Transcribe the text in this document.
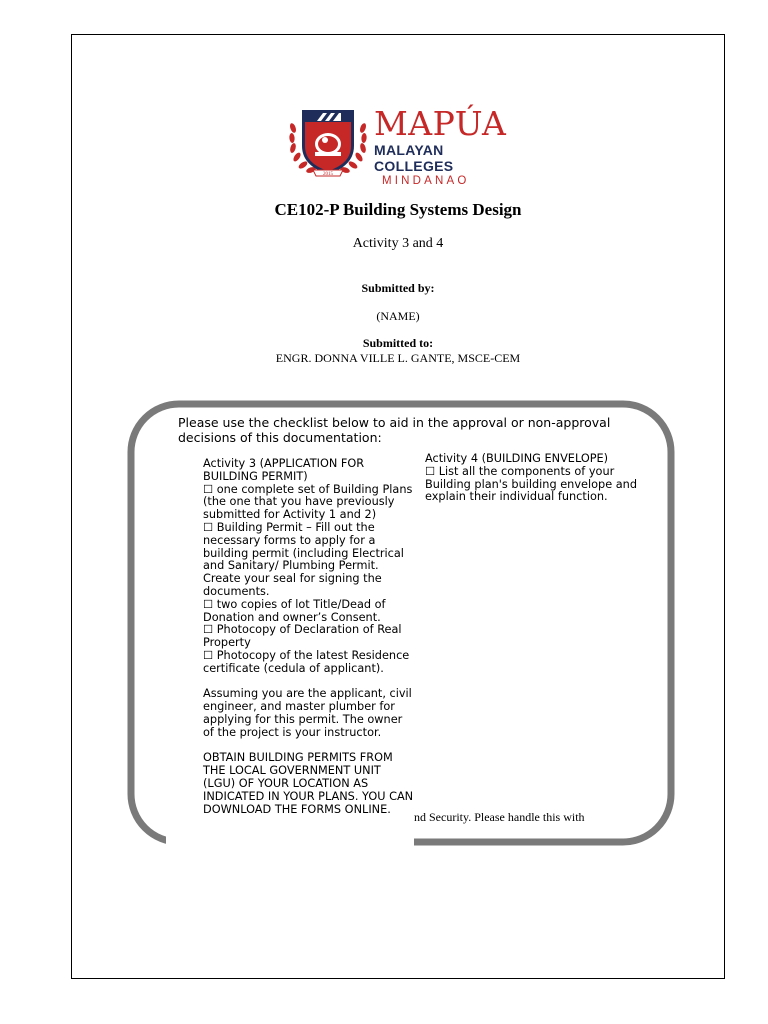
2015
MAPÚA
MALAYAN COLLEGES
MINDANAO
CE102-P Building Systems Design
Activity 3 and 4
Submitted by:
(NAME)
Submitted to:
ENGR. DONNA VILLE L. GANTE, MSCE-CEM
Please use the checklist below to aid in the approval or non-approval decisions of this documentation:

Activity 3 (APPLICATION FOR BUILDING PERMIT)

☐ one complete set of Building Plans (the one that you have previously submitted for Activity 1 and 2)

☐ Building Permit – Fill out the necessary forms to apply for a building permit (including Electrical and Sanitary/ Plumbing Permit. Create your seal for signing the documents.

☐ two copies of lot Title/Dead of Donation and owner’s Consent.

☐ Photocopy of Declaration of Real Property

☐ Photocopy of the latest Residence certificate (cedula of applicant).

Assuming you are the applicant, civil engineer, and master plumber for applying for this permit. The owner of the project is your instructor.

OBTAIN BUILDING PERMITS FROM THE LOCAL GOVERNMENT UNIT (LGU) OF YOUR LOCATION AS INDICATED IN YOUR PLANS. YOU CAN DOWNLOAD THE FORMS ONLINE.

Activity 4 (BUILDING ENVELOPE)

☐ List all the components of your Building plan's building envelope and explain their individual function.

nd Security. Please handle this with
